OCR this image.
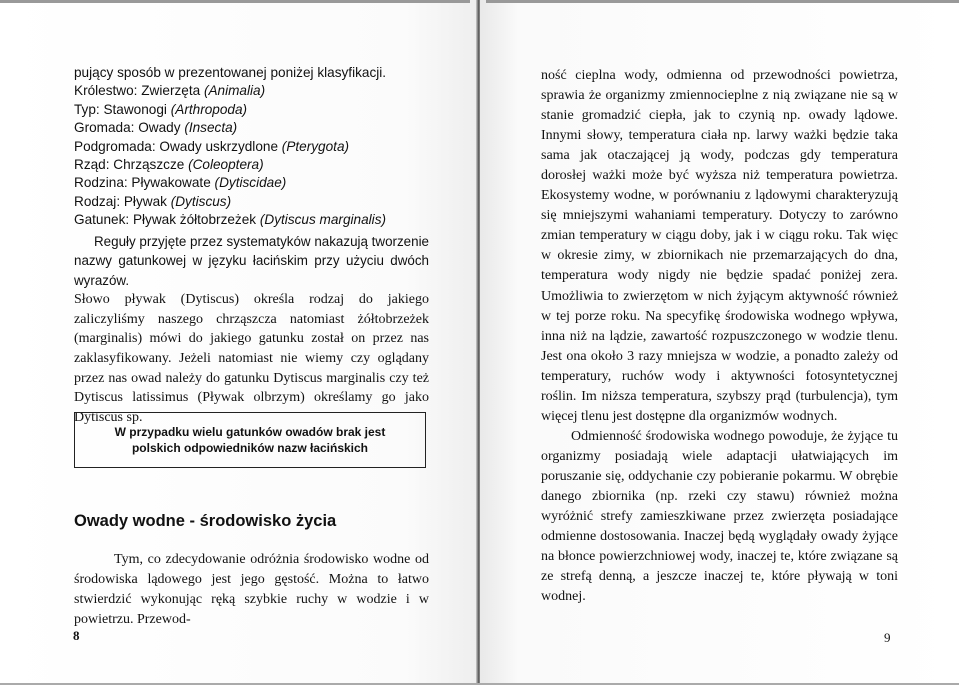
pujący sposób w prezentowanej poniżej klasyfikacji.
Królestwo: Zwierzęta (Animalia)
Typ: Stawonogi (Arthropoda)
Gromada: Owady (Insecta)
Podgromada: Owady uskrzydlone (Pterygota)
Rząd: Chrząszcze (Coleoptera)
Rodzina: Pływakowate (Dytiscidae)
Rodzaj: Pływak (Dytiscus)
Gatunek: Pływak żółtobrzeżek (Dytiscus marginalis)
Reguły przyjęte przez systematyków nakazują tworzenie nazwy gatunkowej w języku łacińskim przy użyciu dwóch wyrazów.
Słowo pływak (Dytiscus) określa rodzaj do jakiego zaliczyliśmy naszego chrząszcza natomiast żółtobrzeżek (marginalis) mówi do jakiego gatunku został on przez nas zaklasyfikowany. Jeżeli natomiast nie wiemy czy oglądany przez nas owad należy do gatunku Dytiscus marginalis czy też Dytiscus latissimus (Pływak olbrzym) określamy go jako Dytiscus sp.
W przypadku wielu gatunków owadów brak jest polskich odpowiedników nazw łacińskich
Owady wodne - środowisko życia
Tym, co zdecydowanie odróżnia środowisko wodne od środowiska lądowego jest jego gęstość. Można to łatwo stwierdzić wykonując ręką szybkie ruchy w wodzie i w powietrzu. Przewod-
8	9

ność cieplna wody, odmienna od przewodności powietrza, sprawia że organizmy zmiennocieplne z nią związane nie są w stanie gromadzić ciepła, jak to czynią np. owady lądowe. Innymi słowy, temperatura ciała np. larwy ważki będzie taka sama jak otaczającej ją wody, podczas gdy temperatura dorosłej ważki może być wyższa niż temperatura powietrza. Ekosystemy wodne, w porównaniu z lądowymi charakteryzują się mniejszymi wahaniami temperatury. Dotyczy to zarówno zmian temperatury w ciągu doby, jak i w ciągu roku. Tak więc w okresie zimy, w zbiornikach nie przemarzających do dna, temperatura wody nigdy nie będzie spadać poniżej zera. Umożliwia to zwierzętom w nich żyjącym aktywność również w tej porze roku. Na specyfikę środowiska wodnego wpływa, inna niż na lądzie, zawartość rozpuszczonego w wodzie tlenu. Jest ona około 3 razy mniejsza w wodzie, a ponadto zależy od temperatury, ruchów wody i aktywności fotosyntetycznej roślin. Im niższa temperatura, szybszy prąd (turbulencja), tym więcej tlenu jest dostępne dla organizmów wodnych.

Odmienność środowiska wodnego powoduje, że żyjące tu organizmy posiadają wiele adaptacji ułatwiających im poruszanie się, oddychanie czy pobieranie pokarmu. W obrębie danego zbiornika (np. rzeki czy stawu) również można wyróżnić strefy zamieszkiwane przez zwierzęta posiadające odmienne dostosowania. Inaczej będą wyglądały owady żyjące na błonce powierzchniowej wody, inaczej te, które związane są ze strefą denną, a jeszcze inaczej te, które pływają w toni wodnej.
